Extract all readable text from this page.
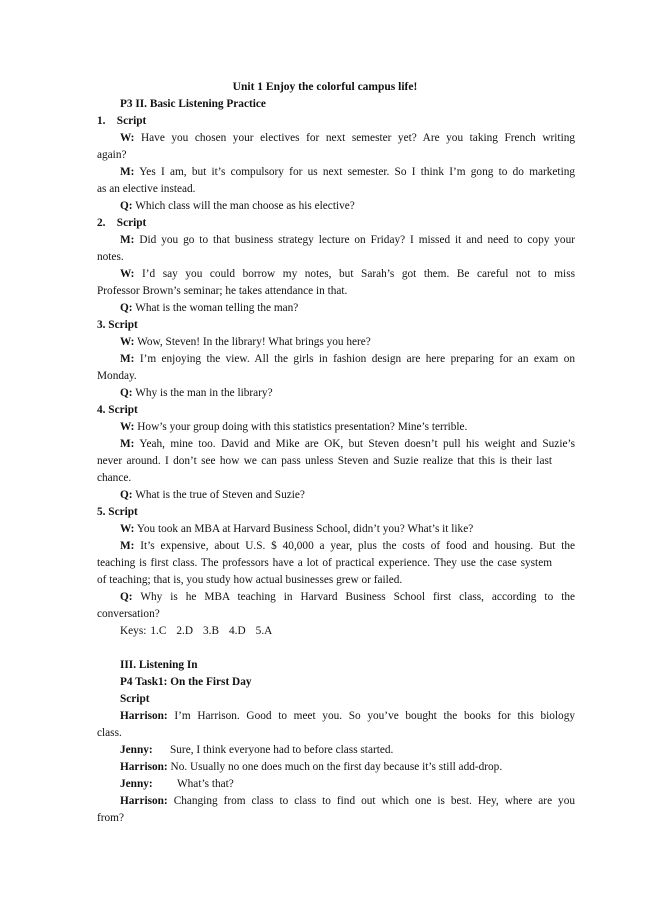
Unit 1 Enjoy the colorful campus life!
P3 II. Basic Listening Practice
1. Script
W: Have you chosen your electives for next semester yet? Are you taking French writing
again?
M: Yes I am, but it’s compulsory for us next semester. So I think I’m gong to do marketing
as an elective instead.
Q: Which class will the man choose as his elective?
2. Script
M: Did you go to that business strategy lecture on Friday? I missed it and need to copy your
notes.
W: I’d say you could borrow my notes, but Sarah’s got them. Be careful not to miss
Professor Brown’s seminar; he takes attendance in that.
Q: What is the woman telling the man?
3. Script
W: Wow, Steven! In the library! What brings you here?
M: I’m enjoying the view. All the girls in fashion design are here preparing for an exam on
Monday.
Q: Why is the man in the library?
4. Script
W: How’s your group doing with this statistics presentation? Mine’s terrible.
M: Yeah, mine too. David and Mike are OK, but Steven doesn’t pull his weight and Suzie’s
never around. I don’t see how we can pass unless Steven and Suzie realize that this is their last
chance.
Q: What is the true of Steven and Suzie?
5. Script
W: You took an MBA at Harvard Business School, didn’t you? What’s it like?
M: It’s expensive, about U.S. $ 40,000 a year, plus the costs of food and housing. But the
teaching is first class. The professors have a lot of practical experience. They use the case system
of teaching; that is, you study how actual businesses grew or failed.
Q: Why is he MBA teaching in Harvard Business School first class, according to the
conversation?
Keys: 1.C 2.D 3.B 4.D 5.A
III. Listening In
P4 Task1: On the First Day
Script
Harrison: I’m Harrison. Good to meet you. So you’ve bought the books for this biology
class.
Jenny: Sure, I think everyone had to before class started.
Harrison: No. Usually no one does much on the first day because it’s still add-drop.
Jenny: What’s that?
Harrison: Changing from class to class to find out which one is best. Hey, where are you
from?
